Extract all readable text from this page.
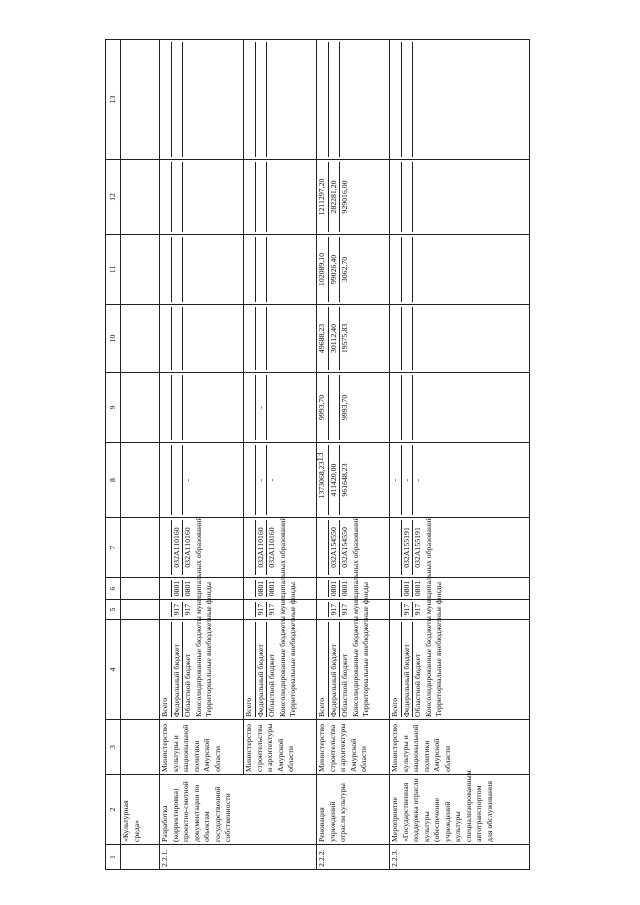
13
1	2	3	4	5	6	7	8	9	10	11	12	13
	«Культурная среда»											
2.2.1.	Разработка (корректировка) проектно-сметной документации по объектам государственной собственности	Министерство культуры и национальной политики Амурской области	Всего Федеральный бюджет Областной бюджет Консолидированные бюджеты муниципальных образований Территориальные внебюджетные фонды	917 917	0801 0801	032A110160 032A110160	-					

		Министерство строительства и архитектуры Амурской области	Всего Федеральный бюджет Областной бюджет Консолидированные бюджеты муниципальных образований Территориальные внебюджетные фонды	917 917	0801 0801	032A110160 032A110160	- -	-				

2.2.2.	Реновация учреждений отрасли культуры	Министерство строительства и архитектуры Амурской области	Всего Федеральный бюджет Областной бюджет Консолидированные бюджеты муниципальных образований Территориальные внебюджетные фонды	917 917	0801 0801	032A154550 032A154550	1373068,23 411420,00 961648,23	9993,70 9993,70	49688,23 30112,40 19575,83	102089,10 99026,40 3062,70	1211297,20 282281,20 929016,00	

2.2.3.	Мероприятие «Государственная поддержка отрасли культуры (обеспечение учреждений культуры специализированным автотранспортом для обслуживания	Министерство культуры и национальной политики Амурской области	Всего Федеральный бюджет Областной бюджет Консолидированные бюджеты муниципальных образований Территориальные внебюджетные фонды	917 917	0801 0801	032A155191 032A155191	- - -					
